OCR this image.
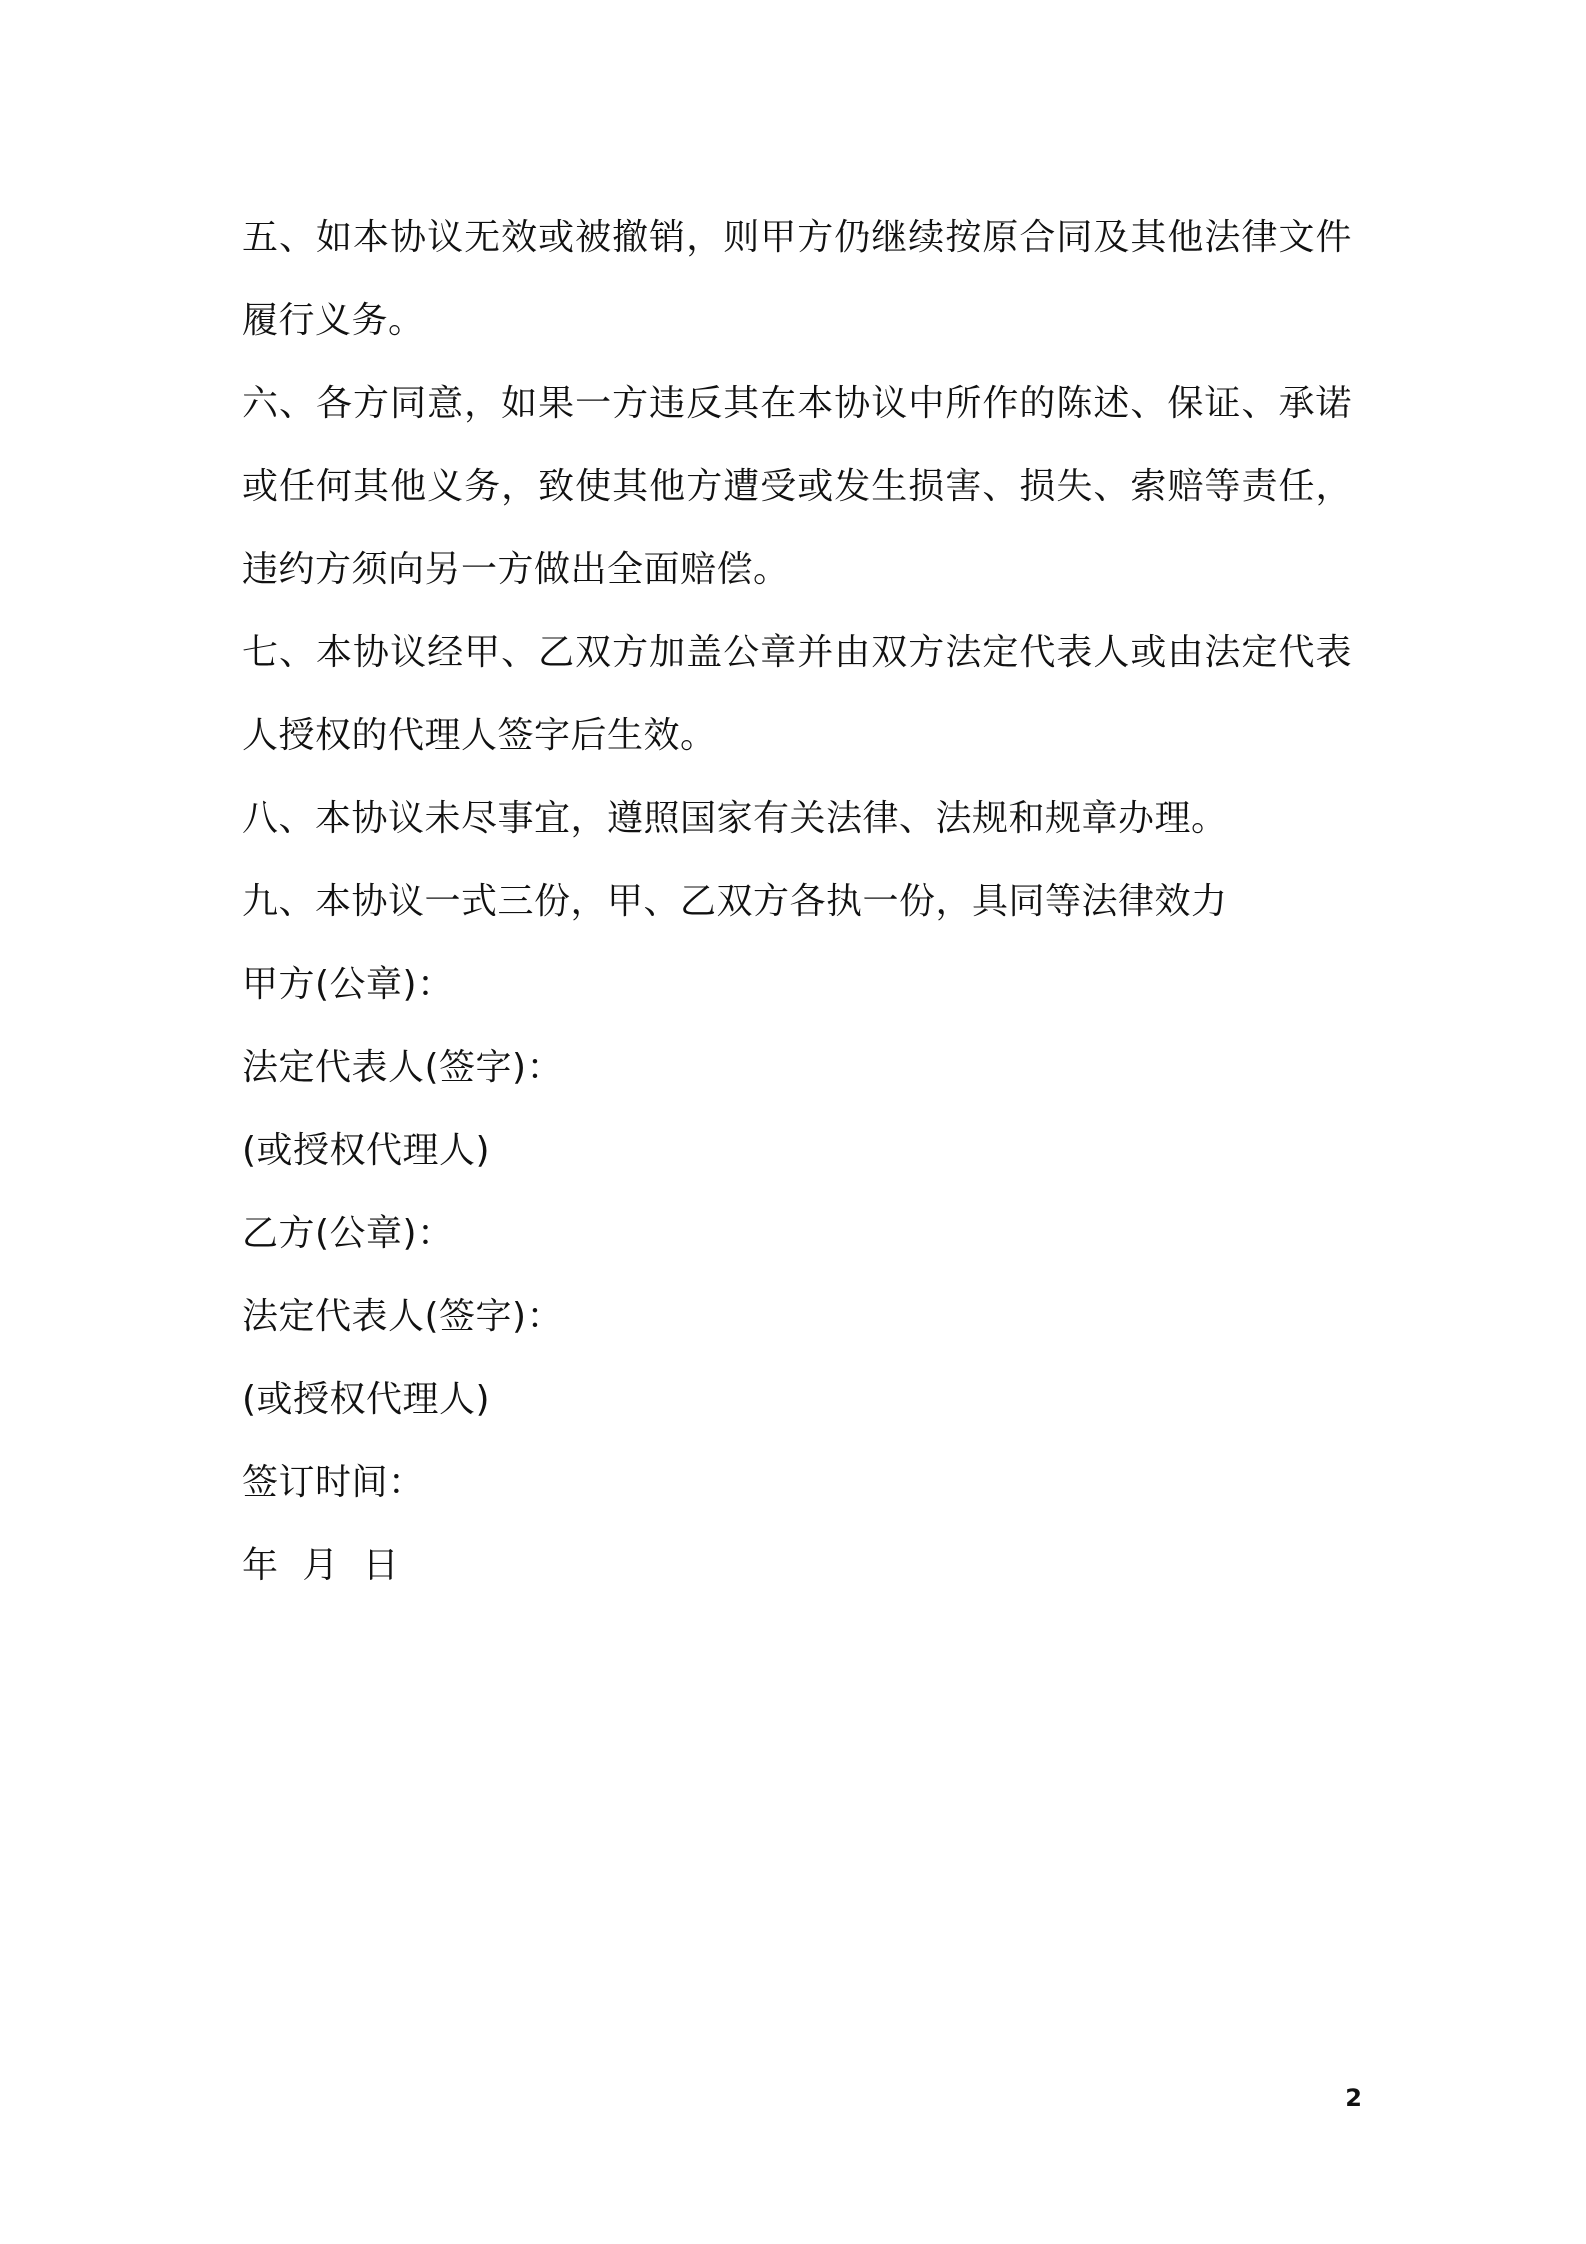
五、如本协议无效或被撤销，则甲方仍继续按原合同及其他法律文件履行义务。

六、各方同意，如果一方违反其在本协议中所作的陈述、保证、承诺或任何其他义务，致使其他方遭受或发生损害、损失、索赔等责任，违约方须向另一方做出全面赔偿。

七、本协议经甲、乙双方加盖公章并由双方法定代表人或由法定代表人授权的代理人签字后生效。

八、本协议未尽事宜，遵照国家有关法律、法规和规章办理。

九、本协议一式三份，甲、乙双方各执一份，具同等法律效力

甲方(公章)：

法定代表人(签字)：

(或授权代理人)

乙方(公章)：

法定代表人(签字)：

(或授权代理人)

签订时间：

年  月  日

2
